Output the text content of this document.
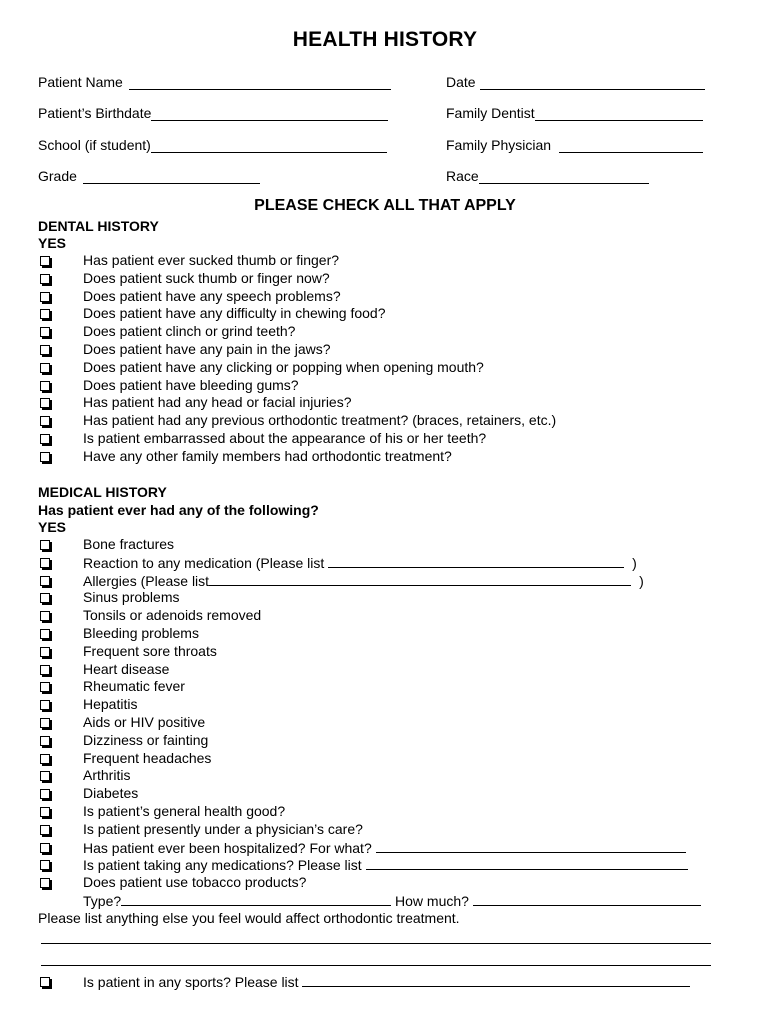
HEALTH HISTORY
Patient Name	Date
Patient’s Birthdate	Family Dentist
School (if student)	Family Physician
Grade	Race
PLEASE CHECK ALL THAT APPLY
DENTAL HISTORY
YES
Has patient ever sucked thumb or finger?
Does patient suck thumb or finger now?
Does patient have any speech problems?
Does patient have any difficulty in chewing food?
Does patient clinch or grind teeth?
Does patient have any pain in the jaws?
Does patient have any clicking or popping when opening mouth?
Does patient have bleeding gums?
Has patient had any head or facial injuries?
Has patient had any previous orthodontic treatment? (braces, retainers, etc.)
Is patient embarrassed about the appearance of his or her teeth?
Have any other family members had orthodontic treatment?
MEDICAL HISTORY
Has patient ever had any of the following?
YES
Bone fractures
Reaction to any medication (Please list	)
Allergies (Please list	)
Sinus problems
Tonsils or adenoids removed
Bleeding problems
Frequent sore throats
Heart disease
Rheumatic fever
Hepatitis
Aids or HIV positive
Dizziness or fainting
Frequent headaches
Arthritis
Diabetes
Is patient’s general health good?
Is patient presently under a physician’s care?
Has patient ever been hospitalized? For what?
Is patient taking any medications? Please list
Does patient use tobacco products?
Type?	How much?
Please list anything else you feel would affect orthodontic treatment.
Is patient in any sports? Please list
